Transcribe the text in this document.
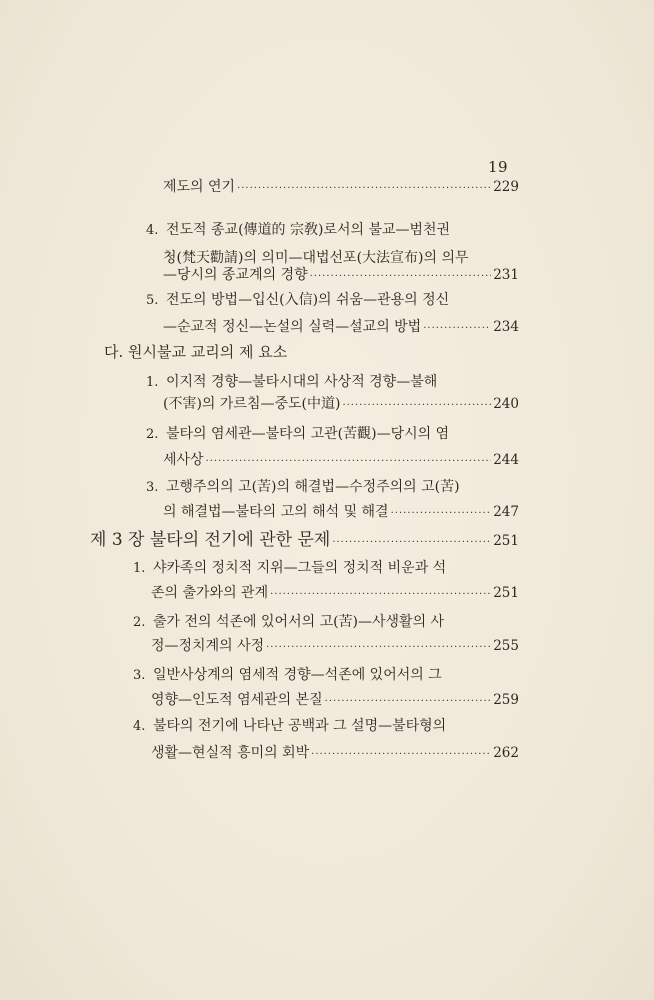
19
제도의 연기 ·····	229
4. 전도적 종교(傳道的 宗敎)로서의 불교—범천권
청(梵天勸請)의 의미—대법선포(大法宣布)의 의무
—당시의 종교계의 경향 ·····	231
5. 전도의 방법—입신(入信)의 쉬움—관용의 정신
—순교적 정신—논설의 실력—설교의 방법 ·····	234
다. 원시불교 교리의 제 요소
1. 이지적 경향—불타시대의 사상적 경향—불해
(不害)의 가르침—중도(中道) ·····	240
2. 불타의 염세관—불타의 고관(苦觀)—당시의 염
세사상 ·····	244
3. 고행주의의 고(苦)의 해결법—수정주의의 고(苦)
의 해결법—불타의 고의 해석 및 해결 ·····	247
제 3 장 불타의 전기에 관한 문제 ·····	251
1. 샤카족의 정치적 지위—그들의 정치적 비운과 석
존의 출가와의 관계 ·····	251
2. 출가 전의 석존에 있어서의 고(苦)—사생활의 사
정—정치계의 사정 ·····	255
3. 일반사상계의 염세적 경향—석존에 있어서의 그
영향—인도적 염세관의 본질 ·····	259
4. 불타의 전기에 나타난 공백과 그 설명—불타형의
생활—현실적 흥미의 회박 ·····	262
